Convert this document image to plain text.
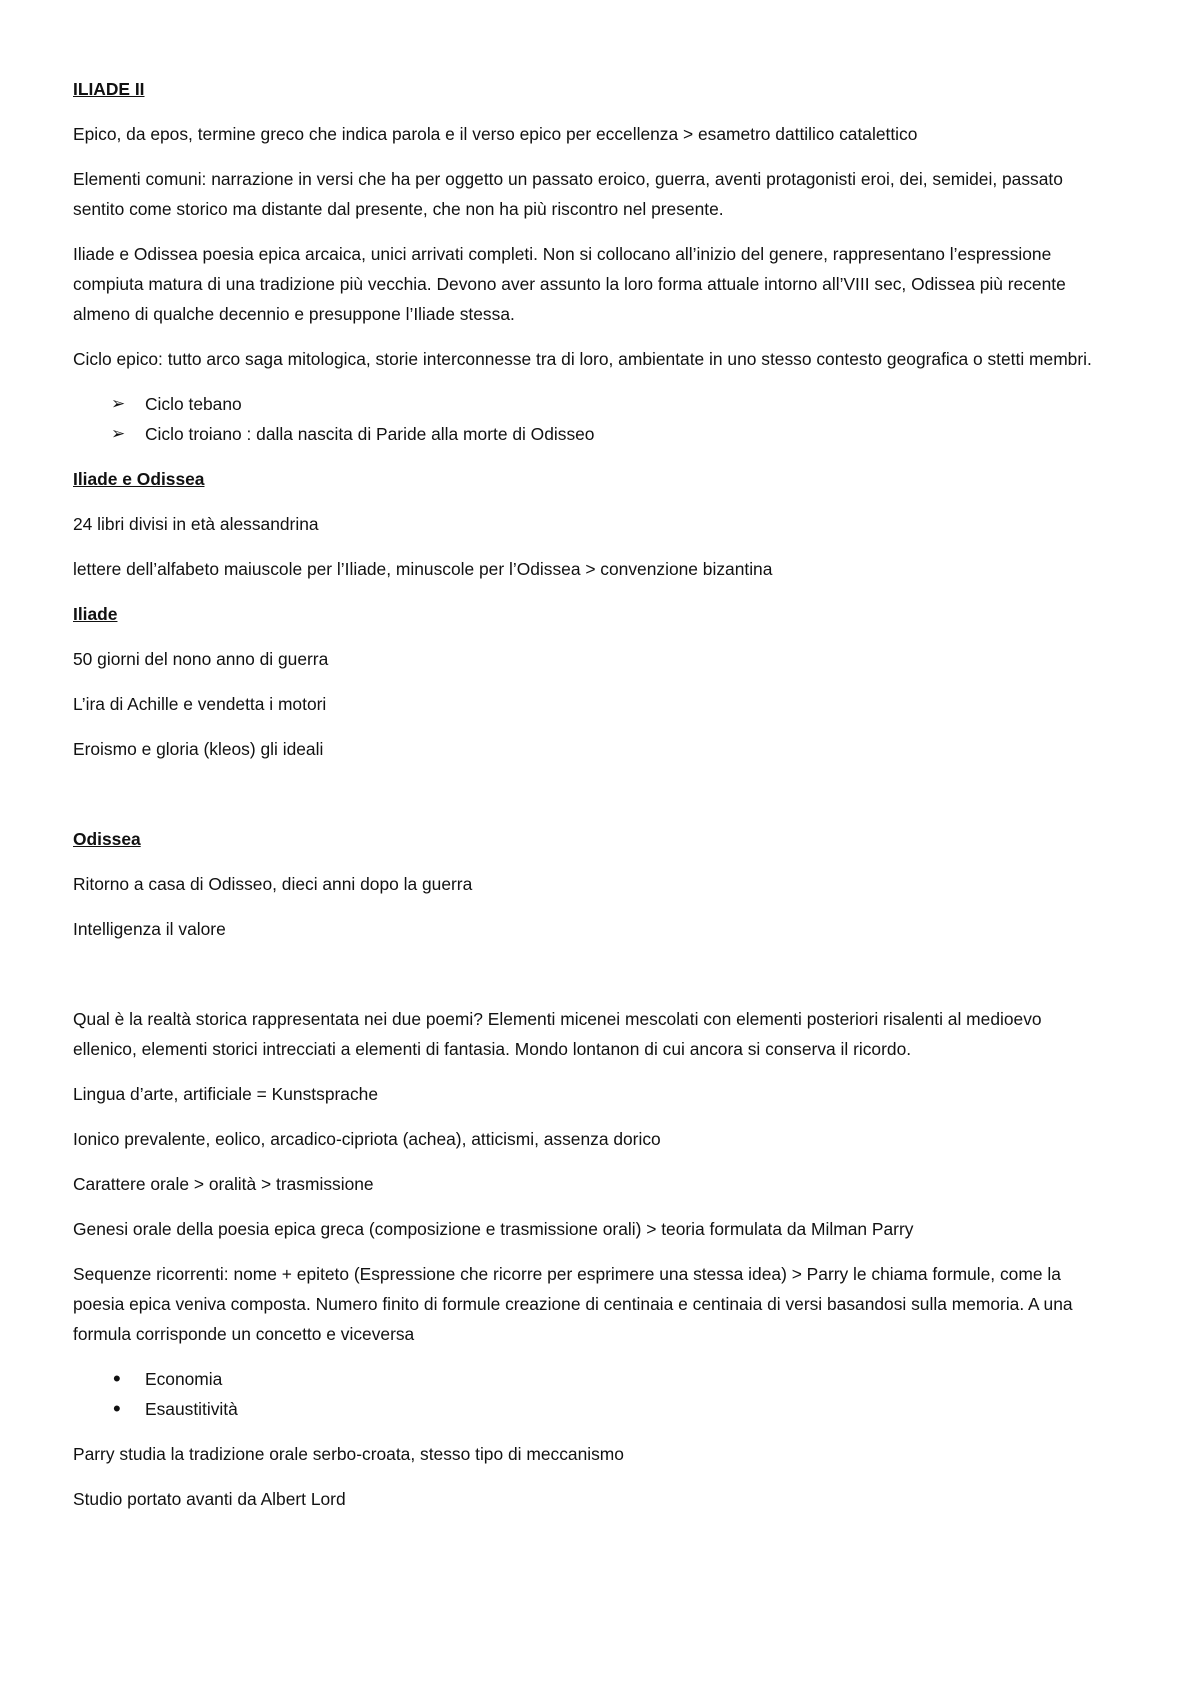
ILIADE II
Epico, da epos, termine greco che indica parola e il verso epico per eccellenza > esametro dattilico catalettico
Elementi comuni: narrazione in versi che ha per oggetto un passato eroico, guerra, aventi protagonisti eroi, dei, semidei, passato sentito come storico ma distante dal presente, che non ha più riscontro nel presente.
Iliade e Odissea poesia epica arcaica, unici arrivati completi. Non si collocano all’inizio del genere, rappresentano l’espressione compiuta matura di una tradizione più vecchia. Devono aver assunto la loro forma attuale intorno all’VIII sec, Odissea più recente almeno di qualche decennio e presuppone l’Iliade stessa.
Ciclo epico: tutto arco saga mitologica, storie interconnesse tra di loro, ambientate in uno stesso contesto geografica o stetti membri.
➢ Ciclo tebano
➢ Ciclo troiano : dalla nascita di Paride alla morte di Odisseo
Iliade e Odissea
24 libri divisi in età alessandrina
lettere dell’alfabeto maiuscole per l’Iliade, minuscole per l’Odissea > convenzione bizantina
Iliade
50 giorni del nono anno di guerra
L’ira di Achille e vendetta i motori
Eroismo e gloria (kleos) gli ideali
Odissea
Ritorno a casa di Odisseo, dieci anni dopo la guerra
Intelligenza il valore
Qual è la realtà storica rappresentata nei due poemi? Elementi micenei mescolati con elementi posteriori risalenti al medioevo ellenico, elementi storici intrecciati a elementi di fantasia. Mondo lontanon di cui ancora si conserva il ricordo.
Lingua d’arte, artificiale = Kunstsprache
Ionico prevalente, eolico, arcadico-cipriota (achea), atticismi, assenza dorico
Carattere orale > oralità > trasmissione
Genesi orale della poesia epica greca (composizione e trasmissione orali) > teoria formulata da Milman Parry
Sequenze ricorrenti: nome + epiteto (Espressione che ricorre per esprimere una stessa idea) > Parry le chiama formule, come la poesia epica veniva composta. Numero finito di formule creazione di centinaia e centinaia di versi basandosi sulla memoria. A una formula corrisponde un concetto e viceversa
• Economia
• Esaustitività
Parry studia la tradizione orale serbo-croata, stesso tipo di meccanismo
Studio portato avanti da Albert Lord
